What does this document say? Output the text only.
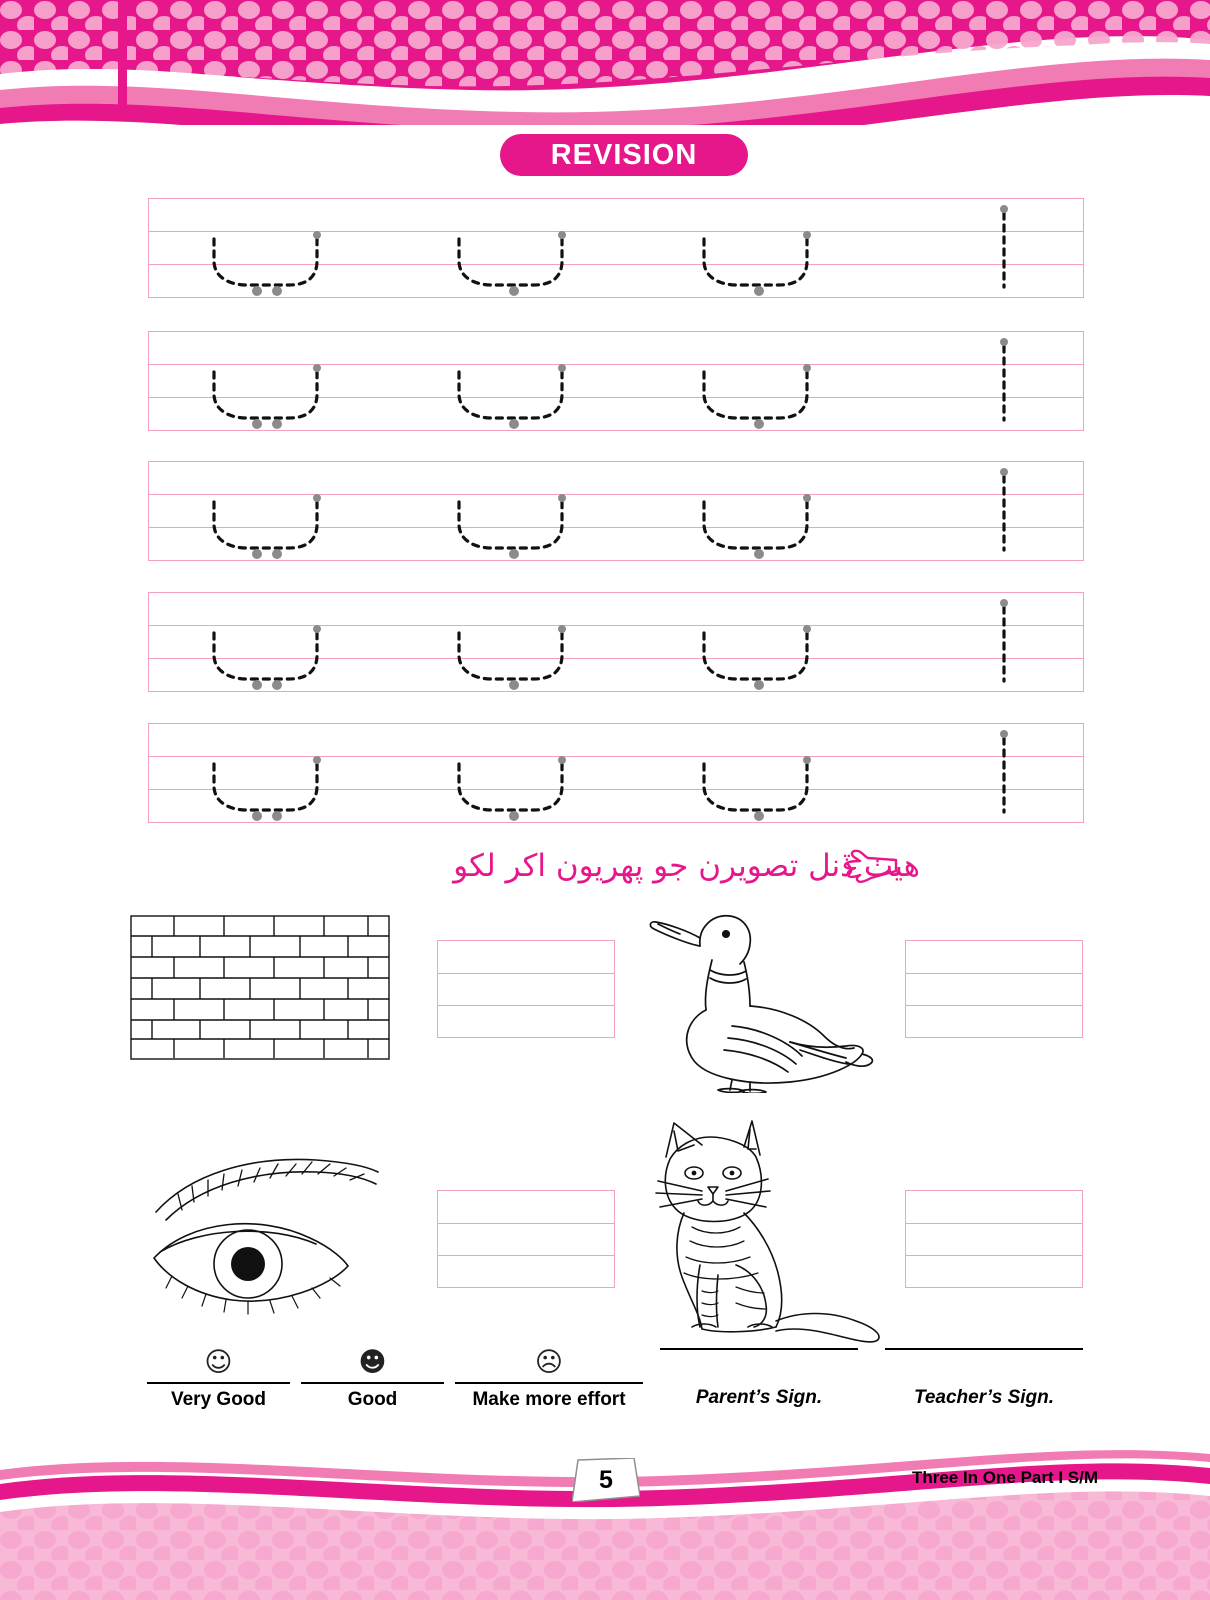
REVISION
هيٺ ڏنل تصويرن جو پهريون اکر لکو
☺
Very Good
☻
Good
☹
Make more effort	Parent’s Sign.	Teacher’s Sign.
5	Three In One Part I S/M
